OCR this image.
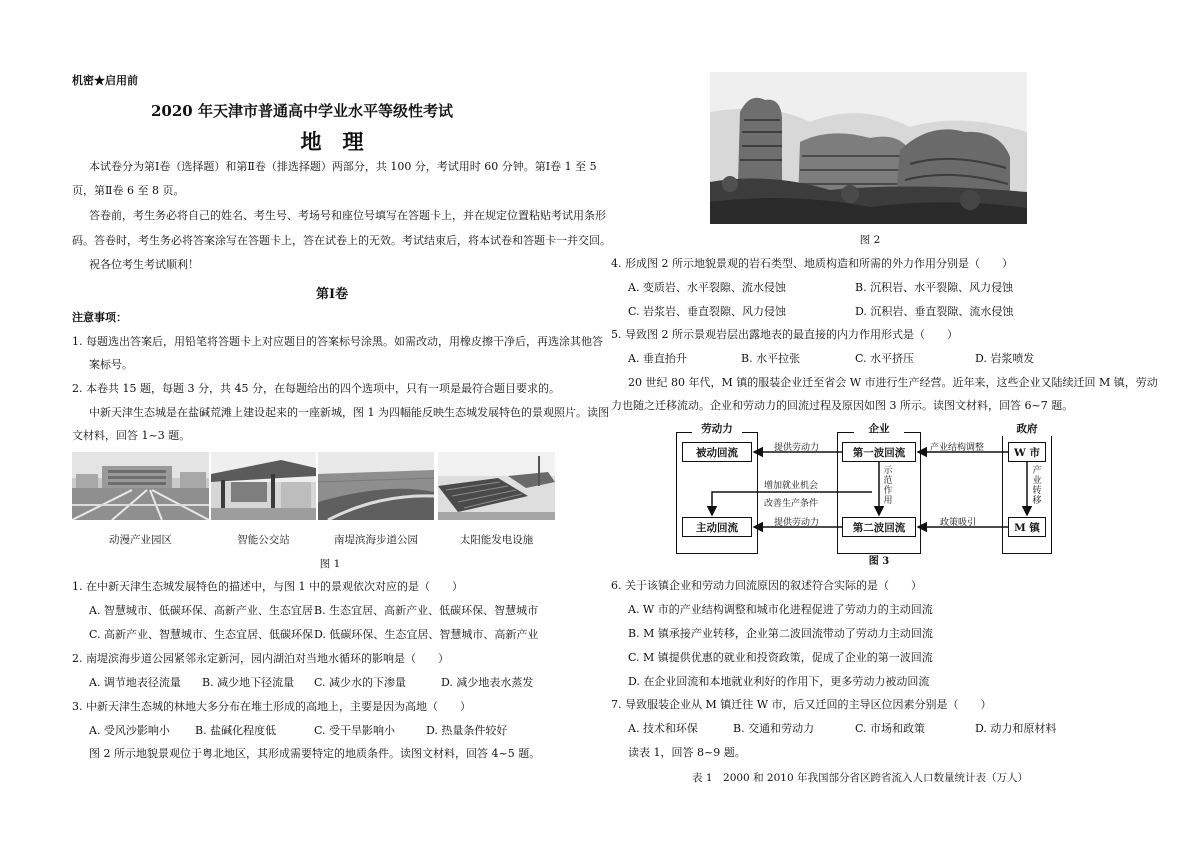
机密★启用前
2020 年天津市普通高中学业水平等级性考试
地　理
本试卷分为第Ⅰ卷（选择题）和第Ⅱ卷（排选择题）两部分，共 100 分，考试用时 60 分钟。第Ⅰ卷 1 至 5
页，第Ⅱ卷 6 至 8 页。
答卷前，考生务必将自己的姓名、考生号、考场号和座位号填写在答题卡上，并在规定位置粘贴考试用条形
码。答卷时，考生务必将答案涂写在答题卡上，答在试卷上的无效。考试结束后，将本试卷和答题卡一并交回。
祝各位考生考试顺利！
第Ⅰ卷
注意事项：
1. 每题选出答案后，用铅笔将答题卡上对应题目的答案标号涂黑。如需改动，用橡皮擦干净后，再选涂其他答
案标号。
2. 本卷共 15 题，每题 3 分，共 45 分，在每题给出的四个选项中，只有一项是最符合题目要求的。
中新天津生态城是在盐碱荒滩上建设起来的一座新城，图 1 为四幅能反映生态城发展特色的景观照片。读图
文材料，回答 1~3 题。
动漫产业园区	智能公交站	南堤滨海步道公园	太阳能发电设施
图 1
1. 在中新天津生态城发展特色的描述中，与图 1 中的景观依次对应的是（　　）
A. 智慧城市、低碳环保、高新产业、生态宜居 B. 生态宜居、高新产业、低碳环保、智慧城市
C. 高新产业、智慧城市、生态宜居、低碳环保 D. 低碳环保、生态宜居、智慧城市、高新产业
2. 南堤滨海步道公园紧邻永定新河，园内湖泊对当地水循环的影响是（　　）
A. 调节地表径流量 B. 减少地下径流量 C. 减少水的下渗量	D. 减少地表水蒸发
3. 中新天津生态城的林地大多分布在堆土形成的高地上，主要是因为高地（　　）
A. 受风沙影响小 B. 盐碱化程度低	C. 受干旱影响小	D. 热量条件较好
图 2 所示地貌景观位于粤北地区，其形成需要特定的地质条件。读图文材料，回答 4~5 题。
图 2
4. 形成图 2 所示地貌景观的岩石类型、地质构造和所需的外力作用分别是（　　）
A. 变质岩、水平裂隙、流水侵蚀	B. 沉积岩、水平裂隙、风力侵蚀
C. 岩浆岩、垂直裂隙、风力侵蚀	D. 沉积岩、垂直裂隙、流水侵蚀
5. 导致图 2 所示景观岩层出露地表的最直接的内力作用形式是（　　）
A. 垂直抬升	B. 水平拉张	C. 水平挤压	D. 岩浆喷发
20 世纪 80 年代，M 镇的服装企业迁至省会 W 市进行生产经营。近年来，这些企业又陆续迁回 M 镇，劳动
力也随之迁移流动。企业和劳动力的回流过程及原因如图 3 所示。读图文材料，回答 6~7 题。
劳动力	企业	政府
被动回流
主动回流
第一波回流
第二波回流
W 市
M 镇
提供劳动力	产业结构调整
增加就业机会
改善生产条件
示范作用
产业转移
政策吸引
提供劳动力
图 3
6. 关于该镇企业和劳动力回流原因的叙述符合实际的是（　　）
A. W 市的产业结构调整和城市化进程促进了劳动力的主动回流
B. M 镇承接产业转移，企业第二波回流带动了劳动力主动回流
C. M 镇提供优惠的就业和投资政策，促成了企业的第一波回流
D. 在企业回流和本地就业利好的作用下，更多劳动力被动回流
7. 导致服装企业从 M 镇迁往 W 市，后又迁回的主导区位因素分别是（　　）
A. 技术和环保	B. 交通和劳动力	C. 市场和政策	D. 动力和原材料
读表 1，回答 8~9 题。
表 1　2000 和 2010 年我国部分省区跨省流入人口数量统计表（万人）
